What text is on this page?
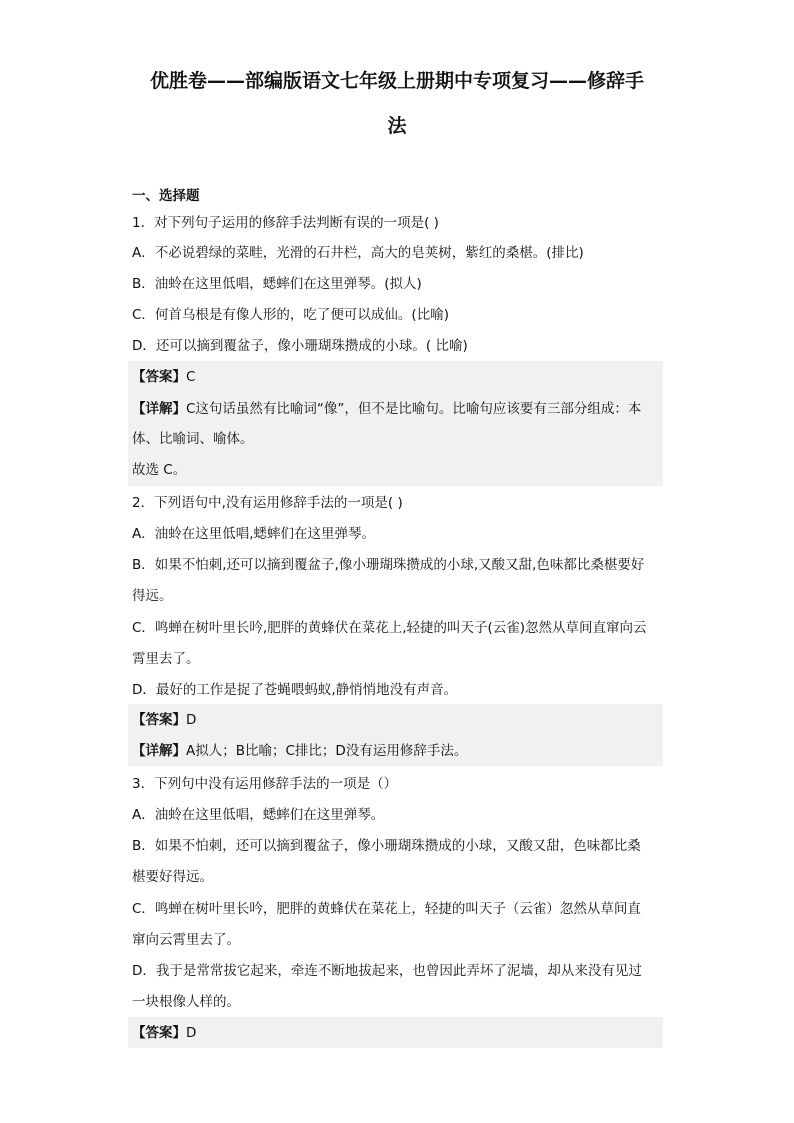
优胜卷——部编版语文七年级上册期中专项复习——修辞手
法
一、选择题
1．对下列句子运用的修辞手法判断有误的一项是( )
A．不必说碧绿的菜畦，光滑的石井栏，高大的皂荚树，紫红的桑椹。(排比)
B．油蛉在这里低唱，蟋蟀们在这里弹琴。(拟人)
C．何首乌根是有像人形的，吃了便可以成仙。(比喻)
D．还可以摘到覆盆子，像小珊瑚珠攒成的小球。( 比喻)
【答案】C
【详解】C这句话虽然有比喻词“像”，但不是比喻句。比喻句应该要有三部分组成：本
体、比喻词、喻体。
故选 C。
2．下列语句中,没有运用修辞手法的一项是( )
A．油蛉在这里低唱,蟋蟀们在这里弹琴。
B．如果不怕刺,还可以摘到覆盆子,像小珊瑚珠攒成的小球,又酸又甜,色味都比桑椹要好
得远。
C．鸣蝉在树叶里长吟,肥胖的黄蜂伏在菜花上,轻捷的叫天子(云雀)忽然从草间直窜向云
霄里去了。
D．最好的工作是捉了苍蝇喂蚂蚁,静悄悄地没有声音。
【答案】D
【详解】A拟人；B比喻；C排比；D没有运用修辞手法。
3．下列句中没有运用修辞手法的一项是（）
A．油蛉在这里低唱，蟋蟀们在这里弹琴。
B．如果不怕刺，还可以摘到覆盆子，像小珊瑚珠攒成的小球，又酸又甜，色味都比桑
椹要好得远。
C．鸣蝉在树叶里长吟，肥胖的黄蜂伏在菜花上，轻捷的叫天子（云雀）忽然从草间直
窜向云霄里去了。
D．我于是常常拔它起来，牵连不断地拔起来，也曾因此弄坏了泥墙，却从来没有见过
一块根像人样的。
【答案】D
